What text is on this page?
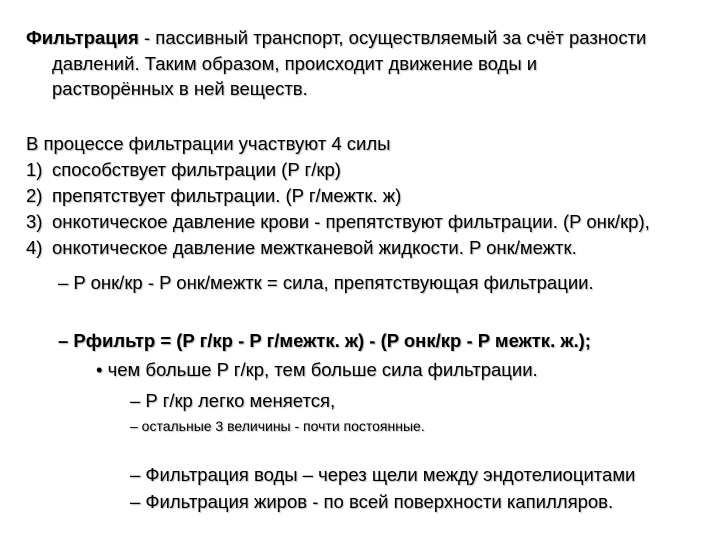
Фильтрация - пассивный транспорт, осуществляемый за счёт разности
давлений. Таким образом, происходит движение воды и
растворённых в ней веществ.
В процессе фильтрации участвуют 4 силы
1) способствует фильтрации (P г/кр)
2) препятствует фильтрации. (P г/межтк. ж)
3) онкотическое давление крови - препятствуют фильтрации. (P онк/кр),
4) онкотическое давление межтканевой жидкости. P онк/межтк.
– P онк/кр - P онк/межтк = сила, препятствующая фильтрации.
– Pфильтр = (P г/кр - P г/межтк. ж) - (P онк/кр - P межтк. ж.);
• чем больше P г/кр, тем больше сила фильтрации.
– P г/кр легко меняется,
– остальные 3 величины - почти постоянные.
– Фильтрация воды – через щели между эндотелиоцитами
– Фильтрация жиров - по всей поверхности капилляров.
